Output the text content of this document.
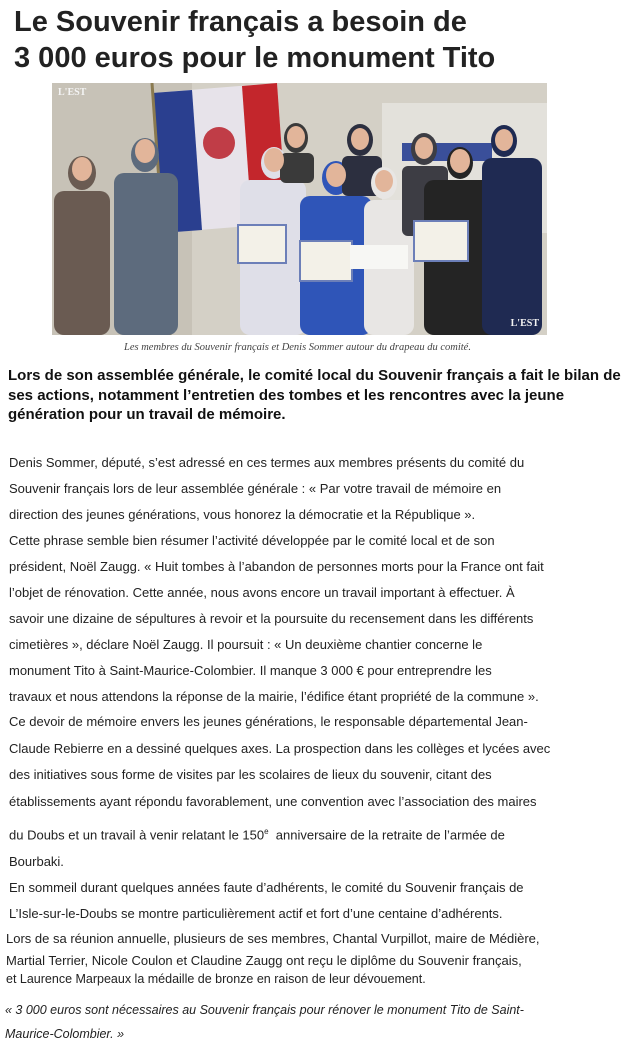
Le Souvenir français a besoin de
3 000 euros pour le monument Tito
L'EST
L'EST
Les membres du Souvenir français et Denis Sommer autour du drapeau du comité.

Lors de son assemblée générale, le comité local du Souvenir français a fait le bilan de ses actions, notamment l’entretien des tombes et les rencontres avec la jeune génération pour un travail de mémoire.

Denis Sommer, député, s’est adressé en ces termes aux membres présents du comité du
Souvenir français lors de leur assemblée générale : « Par votre travail de mémoire en
direction des jeunes générations, vous honorez la démocratie et la République ».

Cette phrase semble bien résumer l’activité développée par le comité local et de son
président, Noël Zaugg. « Huit tombes à l’abandon de personnes morts pour la France ont fait
l’objet de rénovation. Cette année, nous avons encore un travail important à effectuer. À
savoir une dizaine de sépultures à revoir et la poursuite du recensement dans les différents
cimetières », déclare Noël Zaugg. Il poursuit : « Un deuxième chantier concerne le
monument Tito à Saint-Maurice-Colombier. Il manque 3 000 € pour entreprendre les
travaux et nous attendons la réponse de la mairie, l’édifice étant propriété de la commune ».

Ce devoir de mémoire envers les jeunes générations, le responsable départemental Jean-
Claude Rebierre en a dessiné quelques axes. La prospection dans les collèges et lycées avec
des initiatives sous forme de visites par les scolaires de lieux du souvenir, citant des
établissements ayant répondu favorablement, une convention avec l’association des maires
du Doubs et un travail à venir relatant le 150e  anniversaire de la retraite de l’armée de
Bourbaki.

En sommeil durant quelques années faute d’adhérents, le comité du Souvenir français de
L’Isle-sur-le-Doubs se montre particulièrement actif et fort d’une centaine d’adhérents.

Lors de sa réunion annuelle, plusieurs de ses membres, Chantal Vurpillot, maire de Médière,
Martial Terrier, Nicole Coulon et Claudine Zaugg ont reçu le diplôme du Souvenir français,
et Laurence Marpeaux la médaille de bronze en raison de leur dévouement.

« 3 000 euros sont nécessaires au Souvenir français pour rénover le monument Tito de Saint-
Maurice-Colombier. »
